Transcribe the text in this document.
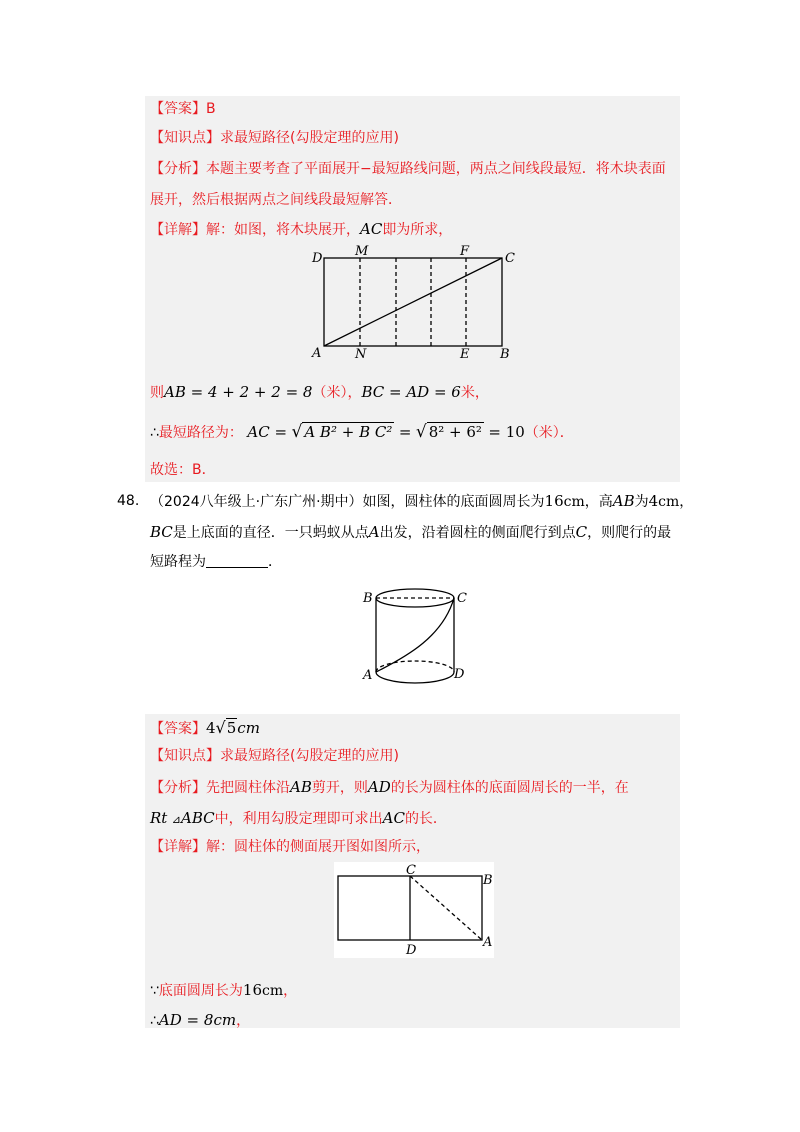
【答案】B
【知识点】求最短路径(勾股定理的应用)
【分析】本题主要考查了平面展开−最短路线问题，两点之间线段最短．将木块表面
展开，然后根据两点之间线段最短解答．
【详解】解：如图，将木块展开，AC即为所求，
D	M	F	C
A	N	E B
则AB = 4 + 2 + 2 = 8（米），BC = AD = 6米，
∴最短路径为： AC = √ A B² + B C² = √ 8² + 6² = 10（米）．
故选：B．
48. （2024八年级上·广东广州·期中）如图，圆柱体的底面圆周长为16cm，高AB为4cm，
BC是上底面的直径．一只蚂蚁从点A出发，沿着圆柱的侧面爬行到点C，则爬行的最
短路程为	．
B	C
A	D
【答案】4√5cm
【知识点】求最短路径(勾股定理的应用)
【分析】先把圆柱体沿AB剪开，则AD的长为圆柱体的底面圆周长的一半，在
Rt ⊿ABC中，利用勾股定理即可求出AC的长．
【详解】解：圆柱体的侧面展开图如图所示，
C
B
D
A
∵底面圆周长为16cm，
∴AD = 8cm，
